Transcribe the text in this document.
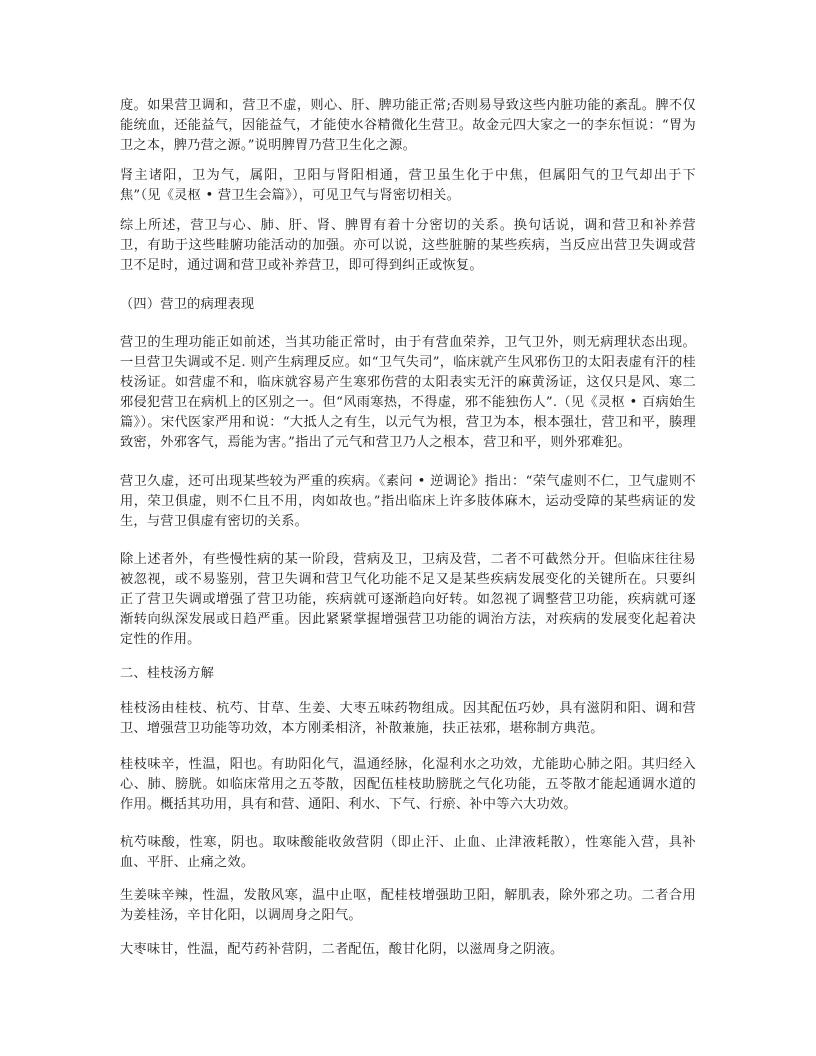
度。如果营卫调和，营卫不虚，则心、肝、脾功能正常;否则易导致这些内脏功能的紊乱。脾不仅能统血，还能益气，因能益气，才能使水谷精微化生营卫。故金元四大家之一的李东恒说：“胃为卫之本，脾乃营之源。”说明脾胃乃营卫生化之源。

肾主诸阳，卫为气，属阳，卫阳与肾阳相通，营卫虽生化于中焦，但属阳气的卫气却出于下焦”（见《灵枢 • 营卫生会篇》），可见卫气与肾密切相关。

综上所述，营卫与心、肺、肝、肾、脾胃有着十分密切的关系。换句话说，调和营卫和补养营卫，有助于这些畦腑功能活动的加强。亦可以说，这些脏腑的某些疾病，当反应出营卫失调或营卫不足时，通过调和营卫或补养营卫，即可得到纠正或恢复。

（四）营卫的病理表现

营卫的生理功能正如前述，当其功能正常时，由于有营血荣养，卫气卫外，则无病理状态出现。一旦营卫失调或不足. 则产生病理反应。如“卫气失司”，临床就产生风邪伤卫的太阳表虚有汗的桂枝汤证。如营虚不和，临床就容易产生寒邪伤营的太阳表实无汗的麻黄汤证，这仅只是风、寒二邪侵犯营卫在病机上的区别之一。但“风雨寒热，不得虚，邪不能独伤人”.（见《灵枢 • 百病始生篇》）。宋代医家严用和说：“大抵人之有生，以元气为根，营卫为本，根本强壮，营卫和平，腠理致密，外邪客气，焉能为害。”指出了元气和营卫乃人之根本，营卫和平，则外邪难犯。

营卫久虚，还可出现某些较为严重的疾病。《素问 • 逆调论》指出：“荣气虚则不仁，卫气虚则不用，荣卫俱虚，则不仁且不用，肉如故也。”指出临床上许多肢体麻木，运动受障的某些病证的发生，与营卫俱虚有密切的关系。

除上述者外，有些慢性病的某一阶段，营病及卫，卫病及营，二者不可截然分开。但临床往往易被忽视，或不易鉴别，营卫失调和营卫气化功能不足又是某些疾病发展变化的关键所在。只要纠正了营卫失调或增强了营卫功能，疾病就可逐渐趋向好转。如忽视了调整营卫功能，疾病就可逐渐转向纵深发展或日趋严重。因此紧紧掌握增强营卫功能的调治方法，对疾病的发展变化起着决定性的作用。

二、桂枝汤方解

桂枝汤由桂枝、杭芍、甘草、生姜、大枣五味药物组成。因其配伍巧妙，具有滋阴和阳、调和营卫、增强营卫功能等功效，本方刚柔相济，补散兼施，扶正祛邪，堪称制方典范。

桂枝味辛，性温，阳也。有助阳化气，温通经脉，化湿利水之功效，尤能助心肺之阳。其归经入心、肺、膀胱。如临床常用之五苓散，因配伍桂枝助膀胱之气化功能，五苓散才能起通调水道的作用。概括其功用，具有和营、通阳、利水、下气、行瘀、补中等六大功效。

杭芍味酸，性寒，阴也。取味酸能收敛营阴（即止汗、止血、止津液耗散），性寒能入营，具补血、平肝、止痛之效。

生姜味辛辣，性温，发散风寒，温中止呕，配桂枝增强助卫阳，解肌表，除外邪之功。二者合用为姜桂汤，辛甘化阳，以调周身之阳气。

大枣味甘，性温，配芍药补营阴，二者配伍，酸甘化阴，以滋周身之阴液。
